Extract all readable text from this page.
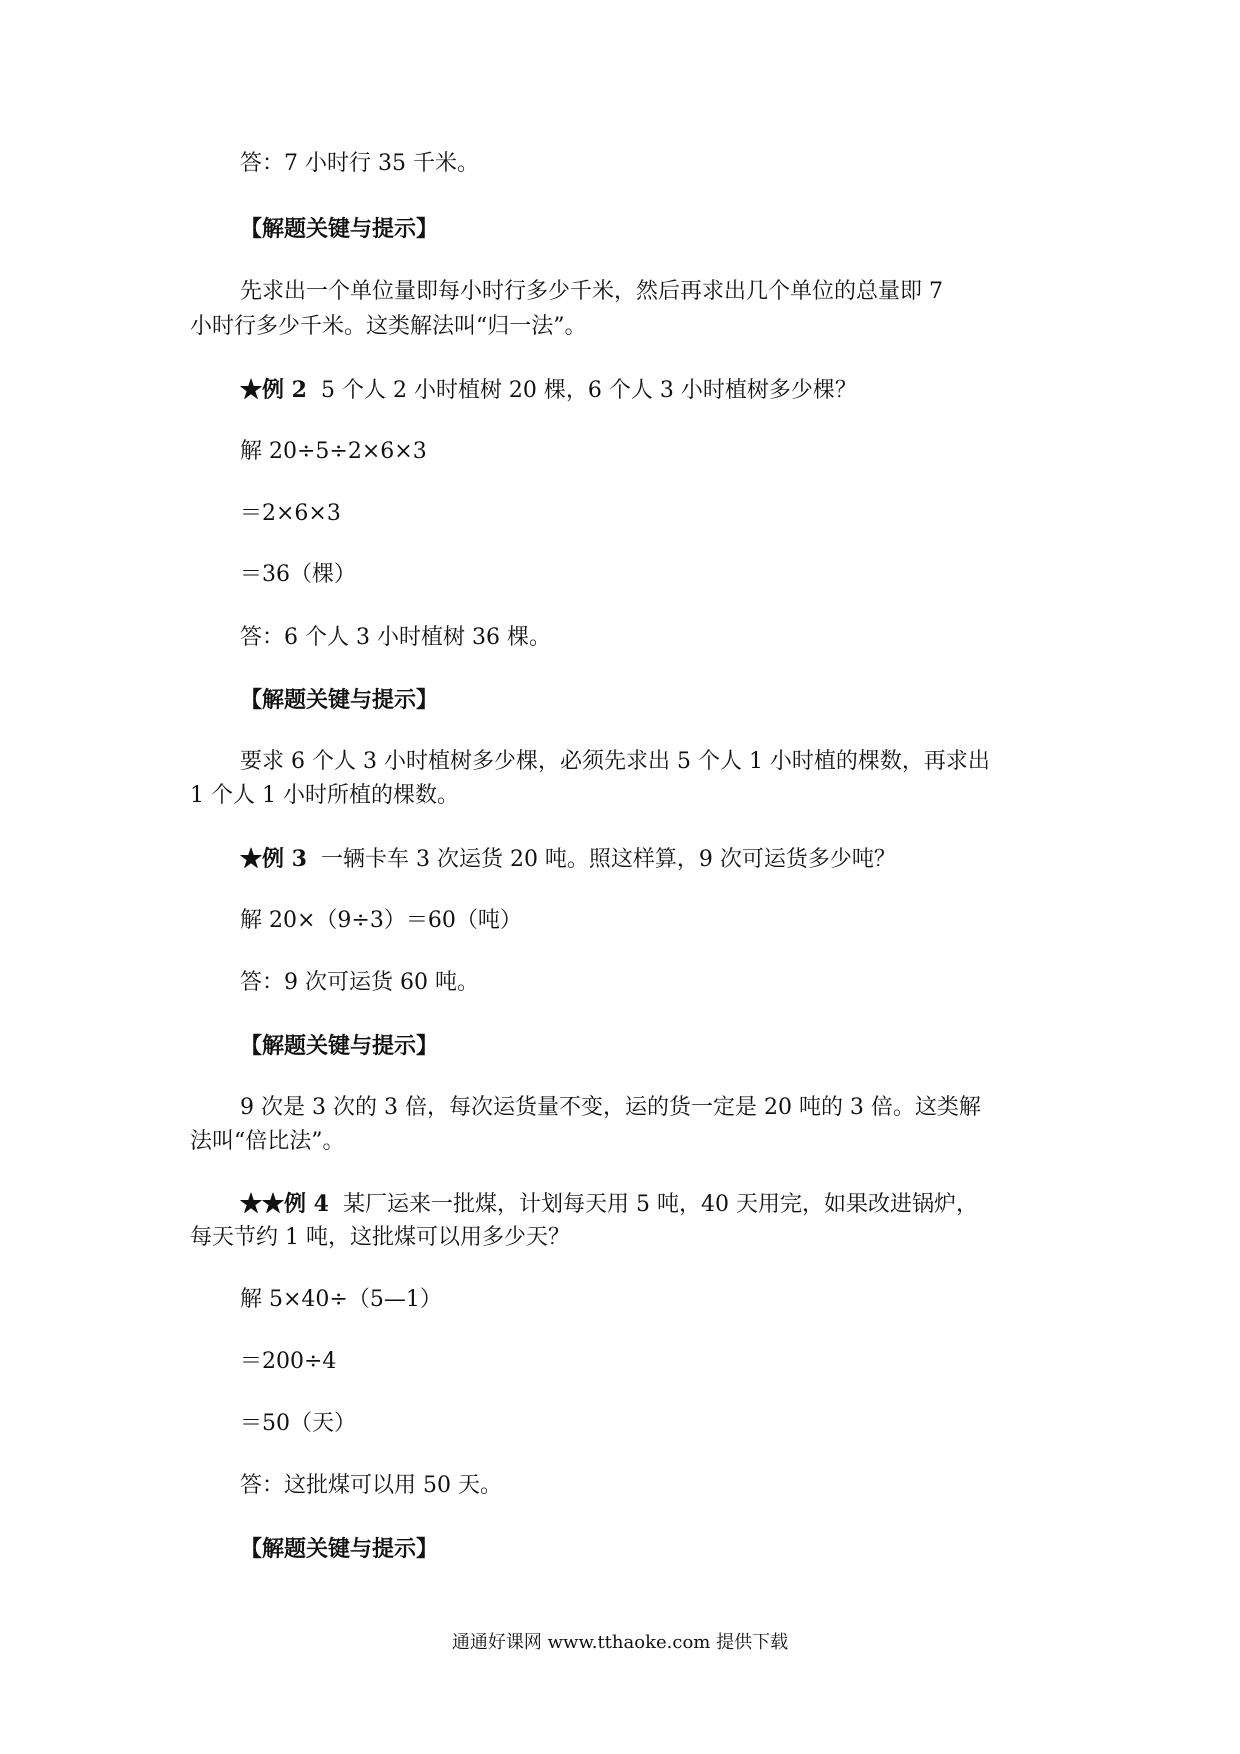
答：7 小时行 35 千米。
【解题关键与提示】
先求出一个单位量即每小时行多少千米，然后再求出几个单位的总量即 7
小时行多少千米。这类解法叫“归一法”。
★例 2 5 个人 2 小时植树 20 棵，6 个人 3 小时植树多少棵？
解 20÷5÷2×6×3
＝2×6×3
＝36（棵）
答：6 个人 3 小时植树 36 棵。
【解题关键与提示】
要求 6 个人 3 小时植树多少棵，必须先求出 5 个人 1 小时植的棵数，再求出
1 个人 1 小时所植的棵数。
★例 3 一辆卡车 3 次运货 20 吨。照这样算，9 次可运货多少吨？
解 20×（9÷3）＝60（吨）
答：9 次可运货 60 吨。
【解题关键与提示】
9 次是 3 次的 3 倍，每次运货量不变，运的货一定是 20 吨的 3 倍。这类解
法叫“倍比法”。
★★例 4 某厂运来一批煤，计划每天用 5 吨，40 天用完，如果改进锅炉，
每天节约 1 吨，这批煤可以用多少天？
解 5×40÷（5—1）
＝200÷4
＝50（天）
答：这批煤可以用 50 天。
【解题关键与提示】
通通好课网 www.tthaoke.com 提供下载
